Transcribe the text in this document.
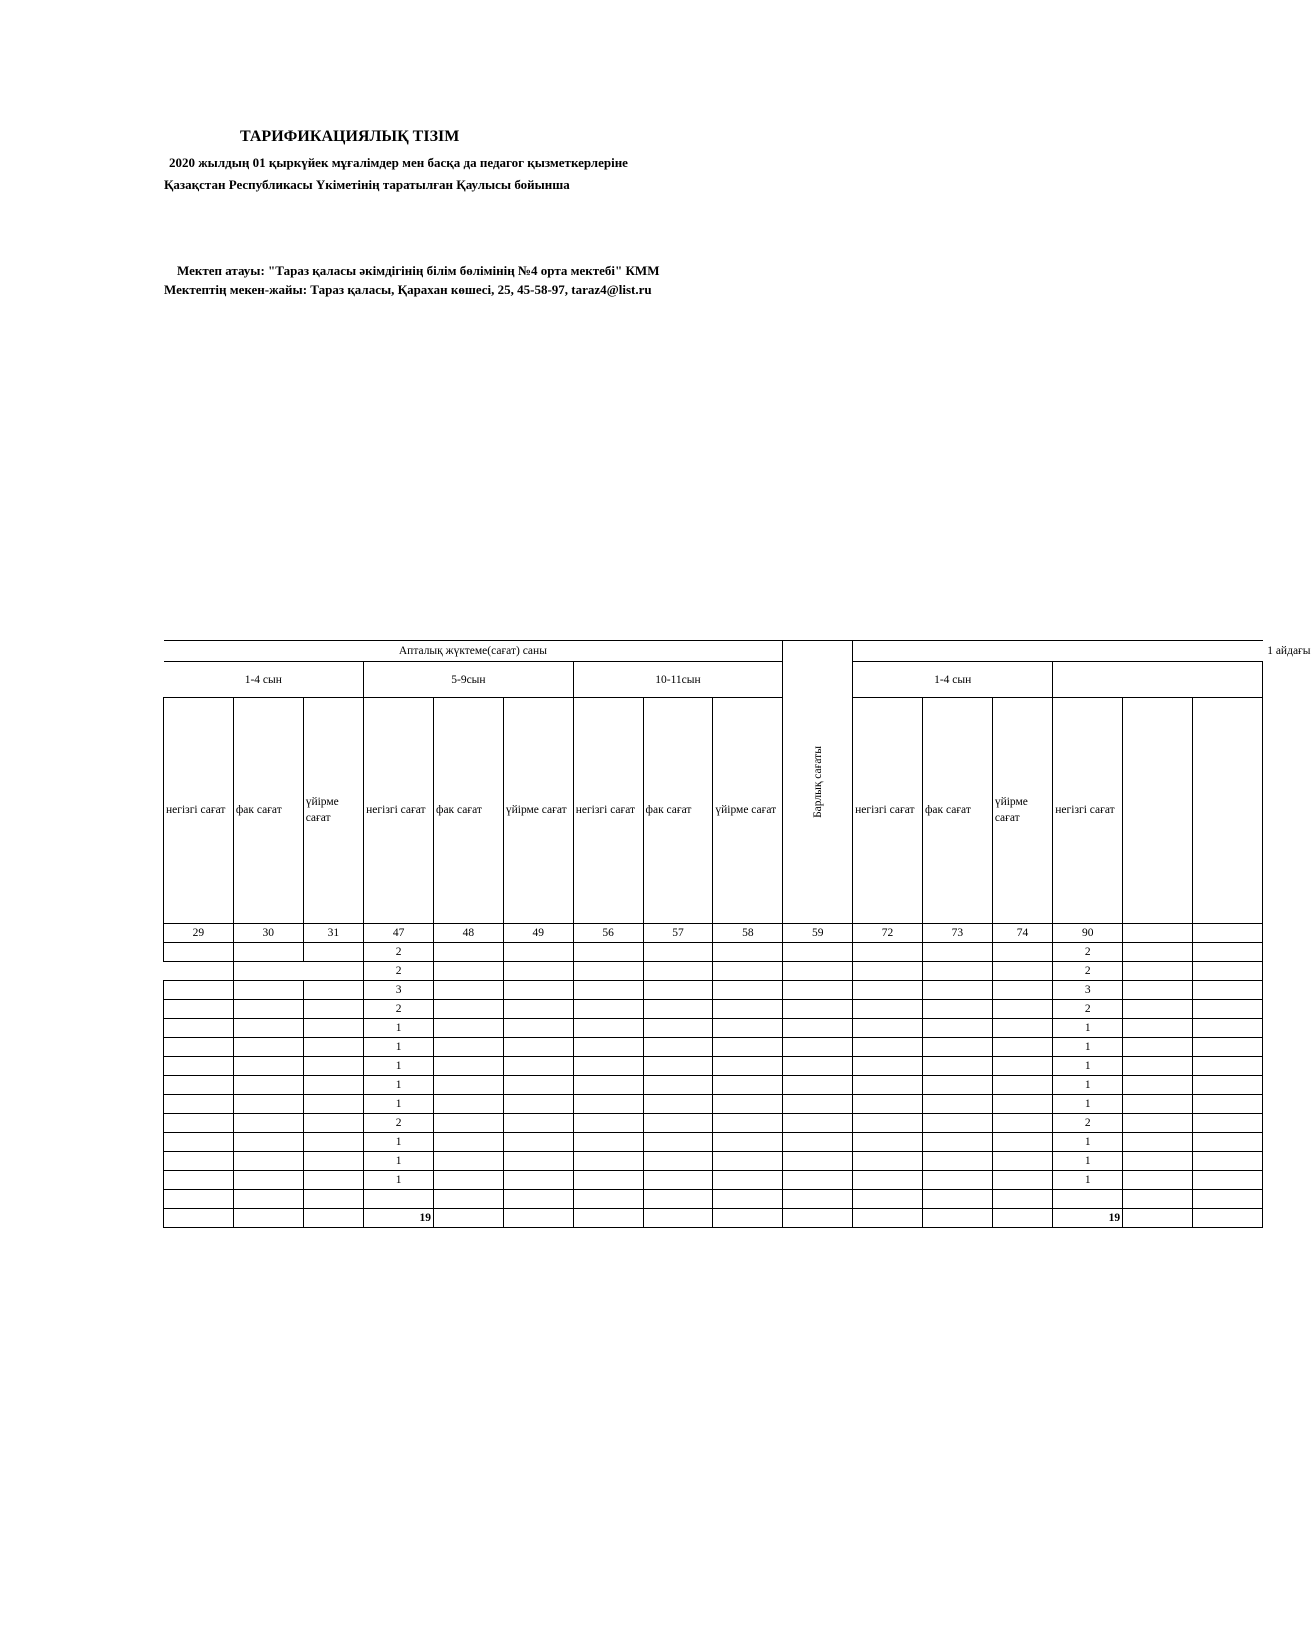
ТАРИФИКАЦИЯЛЫҚ ТІЗІМ
2020 жылдың 01 қыркүйек мұғалімдер мен басқа да педагог қызметкерлеріне
Қазақстан Республикасы Үкіметінің таратылған Қаулысы бойынша
Мектеп атауы: "Тараз қаласы әкімдігінің білім бөлімінің №4 орта мектебі" КММ
Мектептің мекен-жайы: Тараз қаласы, Қарахан көшесі, 25, 45-58-97, taraz4@list.ru
Апталық жүктеме(сағат) саны									Барлық сағаты	1 айдағы					
1-4 сын			5-9сын			10-11сын				1-4 сын					
негізгі сағат	фак сағат	үйірме сағат	негізгі сағат	фак сағат	үйірме сағат	негізгі сағат	фак сағат	үйірме сағат		негізгі сағат	фак сағат	үйірме сағат	негізгі сағат		
29	30	31	47	48	49	56	57	58	59	72	73	74	90		
			2										2		
			2										2		
			3										3		
			2										2		
			1										1		
			1										1		
			1										1		
			1										1		
			1										1		
			2										2		
			1										1		
			1										1		
			1										1		

			19										19		
